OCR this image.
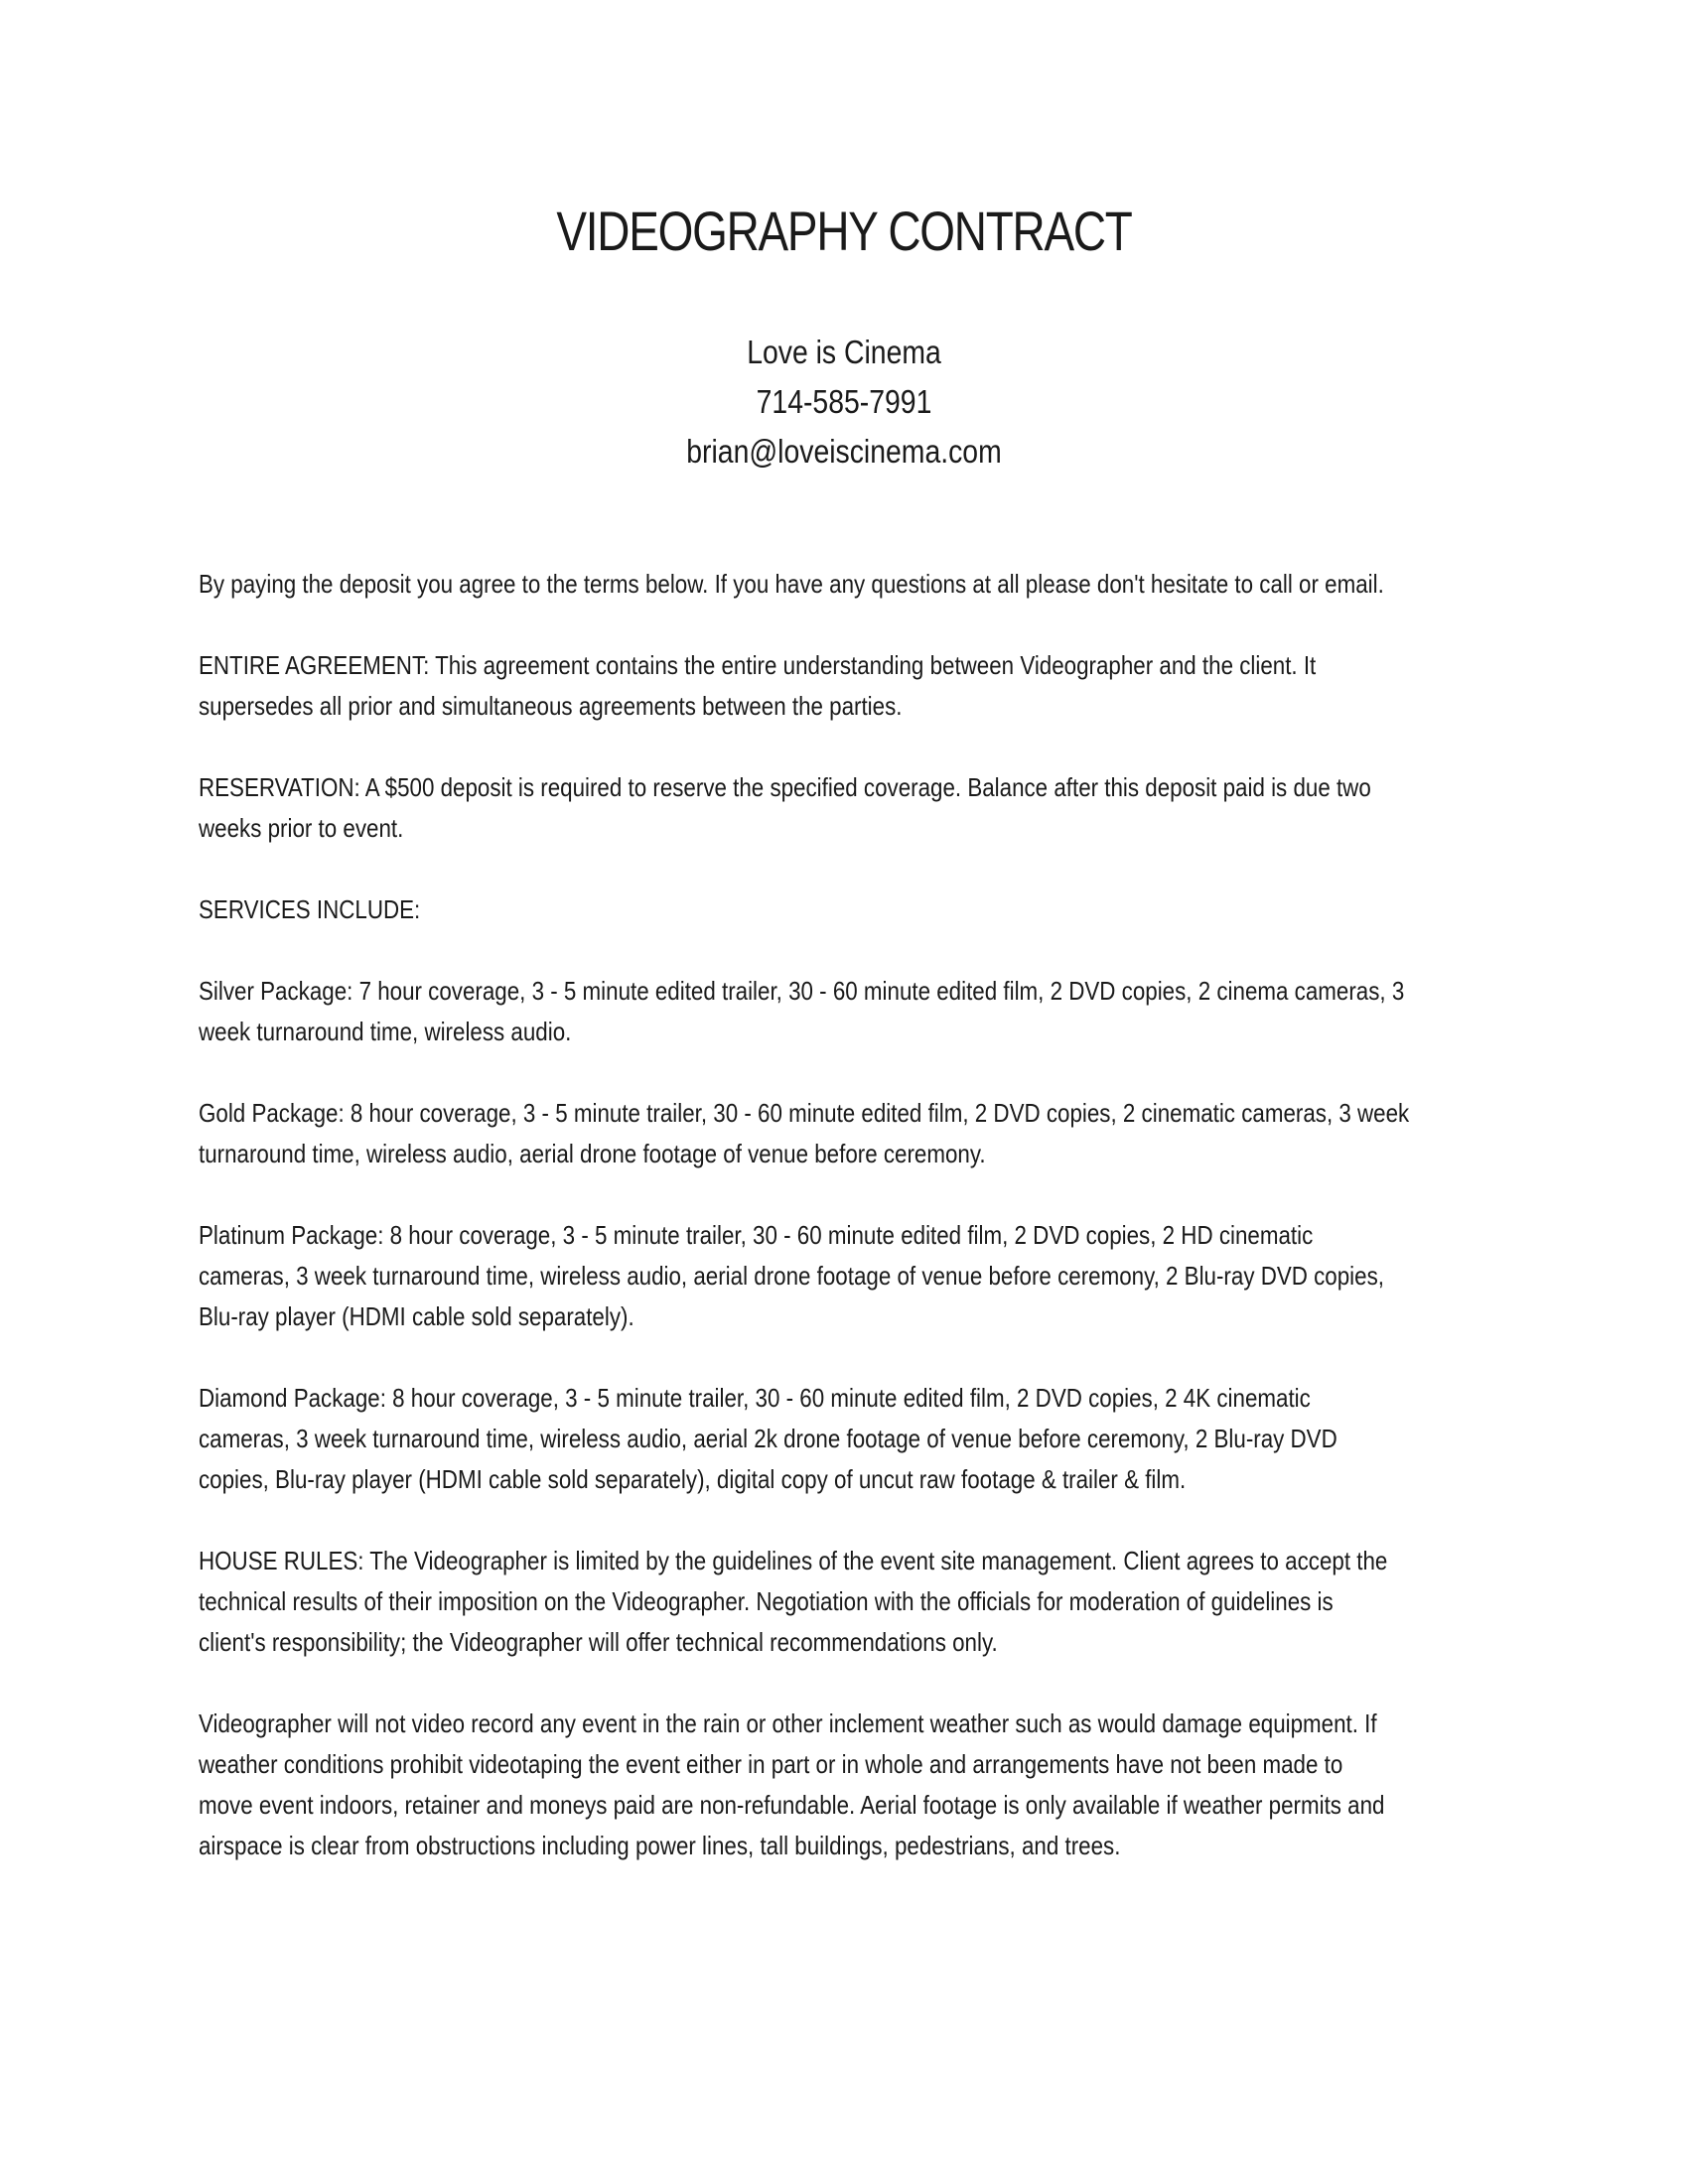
VIDEOGRAPHY CONTRACT
Love is Cinema
714-585-7991
brian@loveiscinema.com

By paying the deposit you agree to the terms below. If you have any questions at all please don't hesitate to call or email.

ENTIRE AGREEMENT: This agreement contains the entire understanding between Videographer and the client. It
supersedes all prior and simultaneous agreements between the parties.

RESERVATION: A $500 deposit is required to reserve the specified coverage. Balance after this deposit paid is due two
weeks prior to event.

SERVICES INCLUDE:

Silver Package: 7 hour coverage, 3 - 5 minute edited trailer, 30 - 60 minute edited film, 2 DVD copies, 2 cinema cameras, 3
week turnaround time, wireless audio.

Gold Package: 8 hour coverage, 3 - 5 minute trailer, 30 - 60 minute edited film, 2 DVD copies, 2 cinematic cameras, 3 week
turnaround time, wireless audio, aerial drone footage of venue before ceremony.

Platinum Package: 8 hour coverage, 3 - 5 minute trailer, 30 - 60 minute edited film, 2 DVD copies, 2 HD cinematic
cameras, 3 week turnaround time, wireless audio, aerial drone footage of venue before ceremony, 2 Blu-ray DVD copies,
Blu-ray player (HDMI cable sold separately).

Diamond Package: 8 hour coverage, 3 - 5 minute trailer, 30 - 60 minute edited film, 2 DVD copies, 2 4K cinematic
cameras, 3 week turnaround time, wireless audio, aerial 2k drone footage of venue before ceremony, 2 Blu-ray DVD
copies, Blu-ray player (HDMI cable sold separately), digital copy of uncut raw footage & trailer & film.

HOUSE RULES: The Videographer is limited by the guidelines of the event site management. Client agrees to accept the
technical results of their imposition on the Videographer. Negotiation with the officials for moderation of guidelines is
client's responsibility; the Videographer will offer technical recommendations only.

Videographer will not video record any event in the rain or other inclement weather such as would damage equipment. If
weather conditions prohibit videotaping the event either in part or in whole and arrangements have not been made to
move event indoors, retainer and moneys paid are non-refundable. Aerial footage is only available if weather permits and
airspace is clear from obstructions including power lines, tall buildings, pedestrians, and trees.
